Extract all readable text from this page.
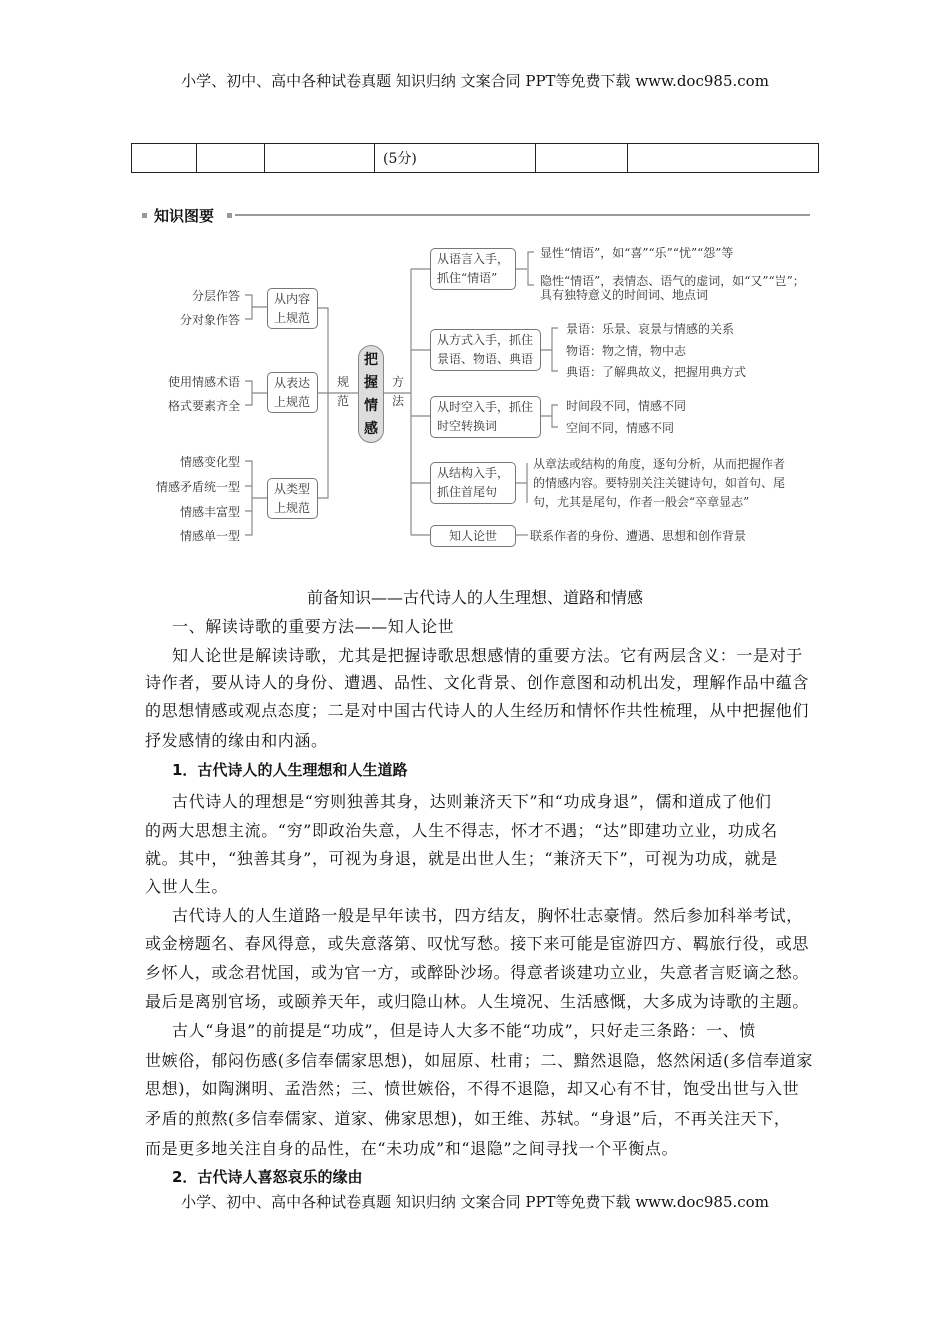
小学、初中、高中各种试卷真题 知识归纳 文案合同 PPT等免费下载 www.doc985.com
			(5分)		
知识图要
分层作答
分对象作答
使用情感术语
格式要素齐全
情感变化型
情感矛盾统一型
情感丰富型
情感单一型
从内容
上规范
从表达
上规范
从类型
上规范
规范
把握情感
方法
从语言入手，
抓住“情语”
从方式入手，抓住
景语、物语、典语
从时空入手，抓住
时空转换词
从结构入手，
抓住首尾句
知人论世
显性“情语”，如“喜”“乐”“忧”“怨”等
隐性“情语”，表情态、语气的虚词，如“又”“岂”；
具有独特意义的时间词、地点词
景语：乐景、哀景与情感的关系
物语：物之情，物中志
典语：了解典故义，把握用典方式
时间段不同，情感不同
空间不同，情感不同
从章法或结构的角度，逐句分析，从而把握作者
的情感内容。要特别关注关键诗句，如首句、尾
句，尤其是尾句，作者一般会“卒章显志”
联系作者的身份、遭遇、思想和创作背景
前备知识——古代诗人的人生理想、道路和情感
一、解读诗歌的重要方法——知人论世
知人论世是解读诗歌，尤其是把握诗歌思想感情的重要方法。它有两层含义：一是对于
诗作者，要从诗人的身份、遭遇、品性、文化背景、创作意图和动机出发，理解作品中蕴含
的思想情感或观点态度；二是对中国古代诗人的人生经历和情怀作共性梳理，从中把握他们
抒发感情的缘由和内涵。
1．古代诗人的人生理想和人生道路
古代诗人的理想是“穷则独善其身，达则兼济天下”和“功成身退”，儒和道成了他们
的两大思想主流。“穷”即政治失意，人生不得志，怀才不遇；“达”即建功立业，功成名
就。其中，“独善其身”，可视为身退，就是出世人生；“兼济天下”，可视为功成，就是
入世人生。
古代诗人的人生道路一般是早年读书，四方结友，胸怀壮志豪情。然后参加科举考试，
或金榜题名、春风得意，或失意落第、叹忧写愁。接下来可能是宦游四方、羁旅行役，或思
乡怀人，或念君忧国，或为官一方，或醉卧沙场。得意者谈建功立业，失意者言贬谪之愁。
最后是离别官场，或颐养天年，或归隐山林。人生境况、生活感慨，大多成为诗歌的主题。
古人“身退”的前提是“功成”，但是诗人大多不能“功成”，只好走三条路：一、愤
世嫉俗，郁闷伤感(多信奉儒家思想)，如屈原、杜甫；二、黯然退隐，悠然闲适(多信奉道家
思想)，如陶渊明、孟浩然；三、愤世嫉俗，不得不退隐，却又心有不甘，饱受出世与入世
矛盾的煎熬(多信奉儒家、道家、佛家思想)，如王维、苏轼。“身退”后，不再关注天下，
而是更多地关注自身的品性，在“未功成”和“退隐”之间寻找一个平衡点。
2．古代诗人喜怒哀乐的缘由
小学、初中、高中各种试卷真题 知识归纳 文案合同 PPT等免费下载 www.doc985.com
